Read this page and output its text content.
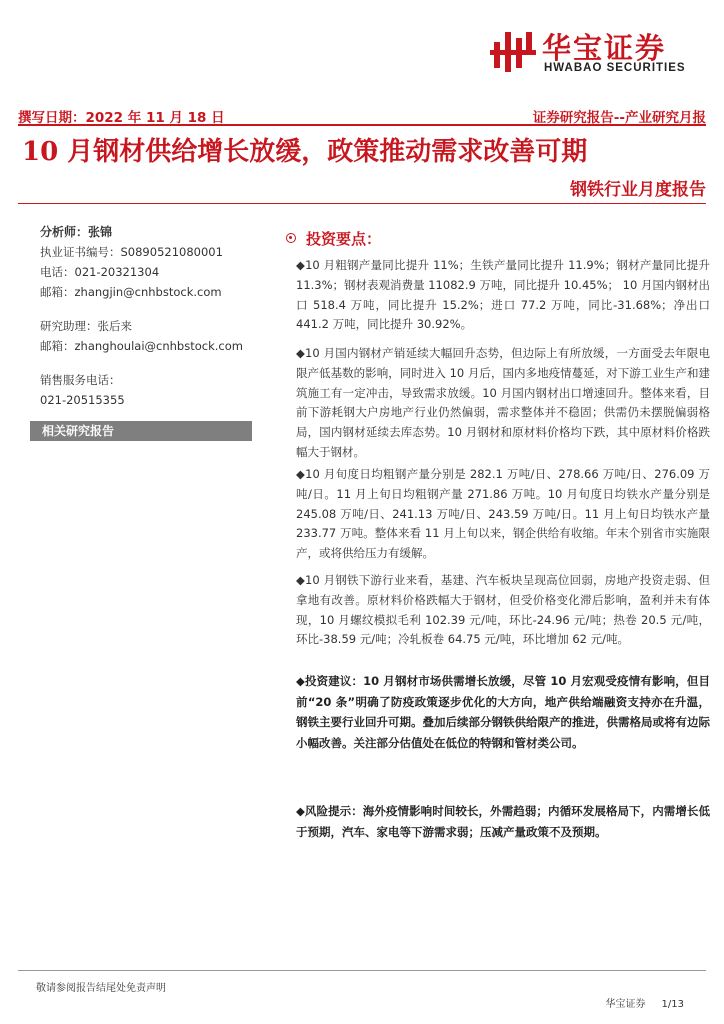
华宝证券
HWABAO SECURITIES
撰写日期：2022 年 11 月 18 日	证券研究报告--产业研究月报
10 月钢材供给增长放缓，政策推动需求改善可期
钢铁行业月度报告
分析师：张锦
执业证书编号：S0890521080001
电话：021-20321304
邮箱：zhangjin@cnhbstock.com
研究助理：张后来
邮箱：zhanghoulai@cnhbstock.com
销售服务电话：
021-20515355
相关研究报告
投资要点：
◆10 月粗钢产量同比提升 11%；生铁产量同比提升 11.9%；钢材产量同比提升 11.3%；钢材表观消费量 11082.9 万吨，同比提升 10.45%； 10 月国内钢材出口 518.4 万吨，同比提升 15.2%；进口 77.2 万吨，同比-31.68%；净出口 441.2 万吨，同比提升 30.92%。
◆10 月国内钢材产销延续大幅回升态势，但边际上有所放缓，一方面受去年限电限产低基数的影响，同时进入 10 月后，国内多地疫情蔓延，对下游工业生产和建筑施工有一定冲击，导致需求放缓。10 月国内钢材出口增速回升。整体来看，目前下游耗钢大户房地产行业仍然偏弱，需求整体并不稳固；供需仍未摆脱偏弱格局，国内钢材延续去库态势。10 月钢材和原材料价格均下跌，其中原材料价格跌幅大于钢材。
◆10 月旬度日均粗钢产量分别是 282.1 万吨/日、278.66 万吨/日、276.09 万吨/日。11 月上旬日均粗钢产量 271.86 万吨。10 月旬度日均铁水产量分别是 245.08 万吨/日、241.13 万吨/日、243.59 万吨/日。11 月上旬日均铁水产量 233.77 万吨。整体来看 11 月上旬以来，钢企供给有收缩。年末个别省市实施限产，或将供给压力有缓解。
◆10 月钢铁下游行业来看，基建、汽车板块呈现高位回弱，房地产投资走弱、但拿地有改善。原材料价格跌幅大于钢材，但受价格变化滞后影响，盈利并未有体现，10 月螺纹模拟毛利 102.39 元/吨，环比-24.96 元/吨；热卷 20.5 元/吨，环比-38.59 元/吨；冷轧板卷 64.75 元/吨，环比增加 62 元/吨。
◆投资建议：10 月钢材市场供需增长放缓，尽管 10 月宏观受疫情有影响，但目前“20 条”明确了防疫政策逐步优化的大方向，地产供给端融资支持亦在升温，钢铁主要行业回升可期。叠加后续部分钢铁供给限产的推进，供需格局或将有边际小幅改善。关注部分估值处在低位的特钢和管材类公司。
◆风险提示：海外疫情影响时间较长，外需趋弱；内循环发展格局下，内需增长低于预期，汽车、家电等下游需求弱；压减产量政策不及预期。
敬请参阅报告结尾处免责声明
华宝证券 1/13
